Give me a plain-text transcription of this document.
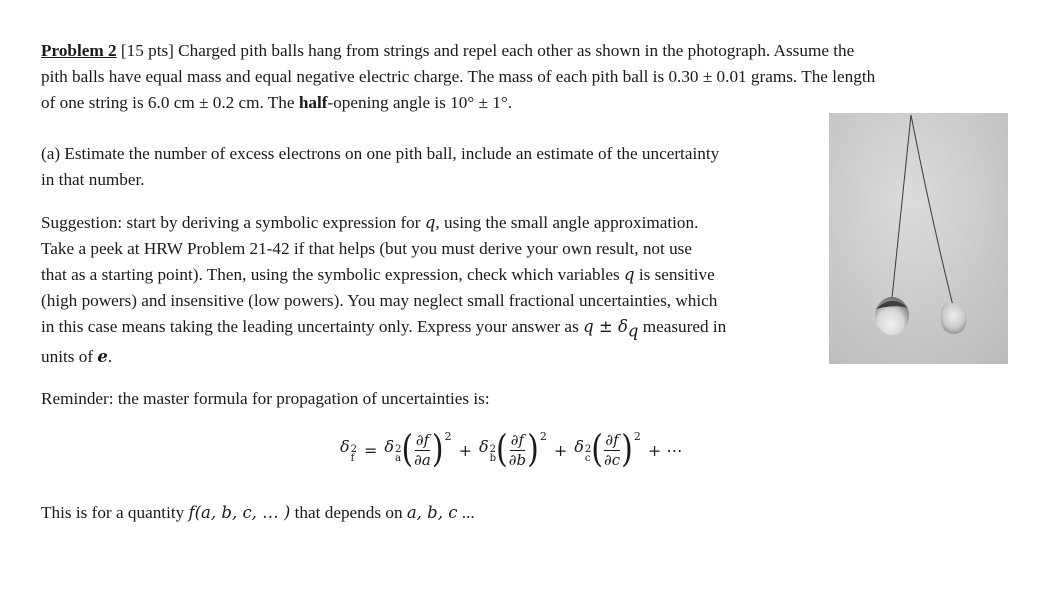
Problem 2 [15 pts] Charged pith balls hang from strings and repel each other as shown in the photograph. Assume the
pith balls have equal mass and equal negative electric charge. The mass of each pith ball is 0.30 ± 0.01 grams. The length
of one string is 6.0 cm ± 0.2 cm. The half-opening angle is 10° ± 1°.

(a) Estimate the number of excess electrons on one pith ball, include an estimate of the uncertainty
in that number.

Suggestion: start by deriving a symbolic expression for q, using the small angle approximation.
Take a peek at HRW Problem 21-42 if that helps (but you must derive your own result, not use
that as a starting point). Then, using the symbolic expression, check which variables q is sensitive
(high powers) and insensitive (low powers). You may neglect small fractional uncertainties, which
in this case means taking the leading uncertainty only. Express your answer as $q \pm \delta_q$ measured in
units of e.

Reminder: the master formula for propagation of uncertainties is:

δ 2
f = δ 2
a ( $\frac{\partial f}{\partial a}$ ) 2
+ δ 2
b ( $\frac{\partial f}{\partial b}$ ) 2
+ δ 2
c ( $\frac{\partial f}{\partial c}$ ) 2
+ ⋯

This is for a quantity f(a, b, c, … ) that depends on a, b, c ...
